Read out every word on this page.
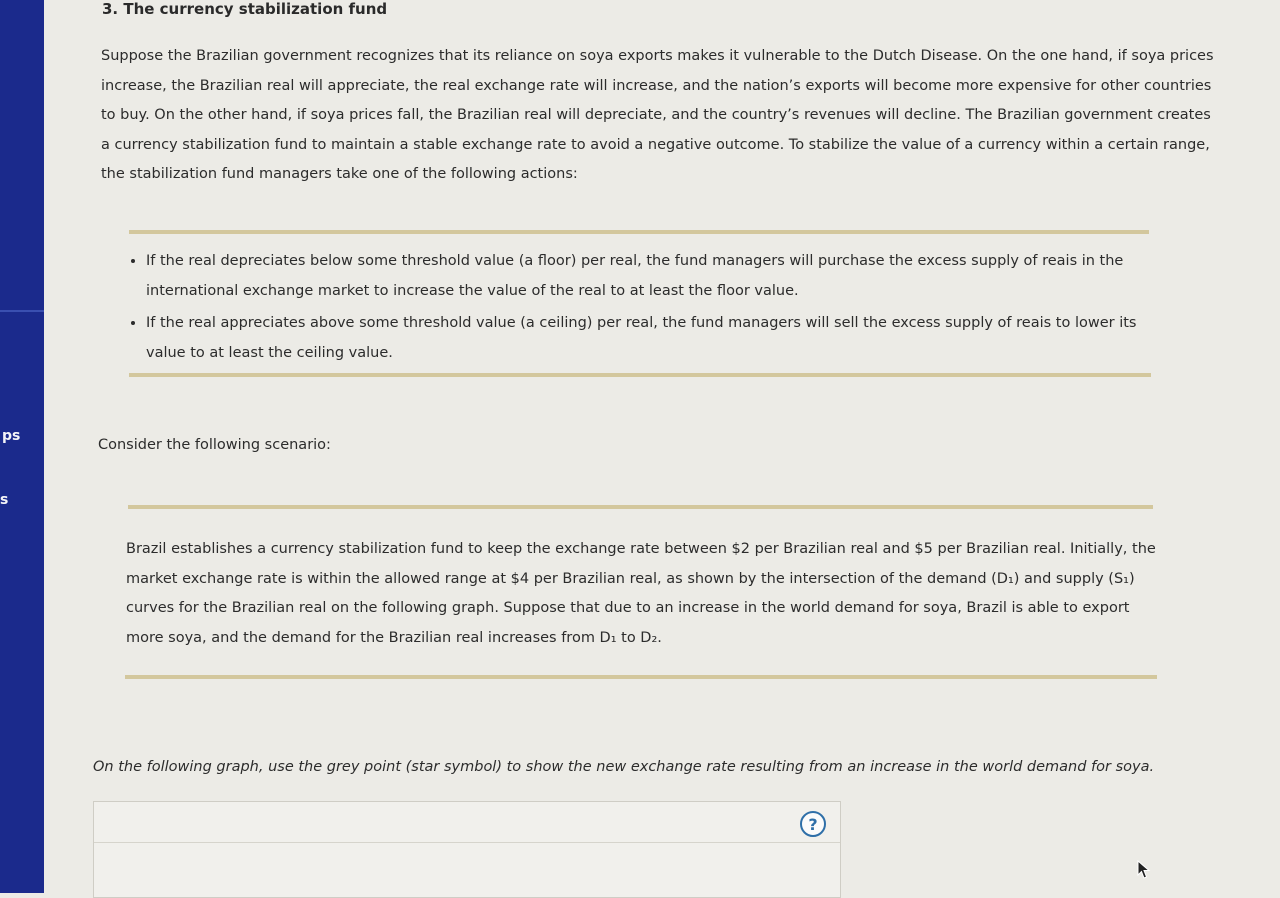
ps
s
3. The currency stabilization fund

Suppose the Brazilian government recognizes that its reliance on soya exports makes it vulnerable to the Dutch Disease. On the one hand, if soya prices increase, the Brazilian real will appreciate, the real exchange rate will increase, and the nation’s exports will become more expensive for other countries to buy. On the other hand, if soya prices fall, the Brazilian real will depreciate, and the country’s revenues will decline. The Brazilian government creates a currency stabilization fund to maintain a stable exchange rate to avoid a negative outcome. To stabilize the value of a currency within a certain range, the stabilization fund managers take one of the following actions:

• If the real depreciates below some threshold value (a floor) per real, the fund managers will purchase the excess supply of reais in the international exchange market to increase the value of the real to at least the floor value.
• If the real appreciates above some threshold value (a ceiling) per real, the fund managers will sell the excess supply of reais to lower its value to at least the ceiling value.
Consider the following scenario:

Brazil establishes a currency stabilization fund to keep the exchange rate between $2 per Brazilian real and $5 per Brazilian real. Initially, the market exchange rate is within the allowed range at $4 per Brazilian real, as shown by the intersection of the demand (D₁) and supply (S₁) curves for the Brazilian real on the following graph. Suppose that due to an increase in the world demand for soya, Brazil is able to export more soya, and the demand for the Brazilian real increases from D₁ to D₂.

On the following graph, use the grey point (star symbol) to show the new exchange rate resulting from an increase in the world demand for soya.
?
